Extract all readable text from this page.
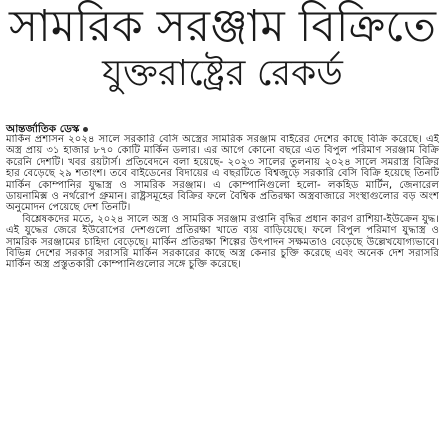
সামরিক সরঞ্জাম বিক্রিতে
যুক্তরাষ্ট্রের রেকর্ড
আন্তর্জাতিক ডেস্ক

মার্কিন প্রশাসন ২০২৪ সালে সরকারি বেসি অস্ত্রের সামরিক সরঞ্জাম বাইরের দেশের কাছে বিক্রি করেছে। এই অস্ত্র প্রায় ৩১ হাজার ৮৭০ কোটি মার্কিন ডলার। এর আগে কোনো বছরে এত বিপুল পরিমাণ সরঞ্জাম বিক্রি করেনি দেশটি। খবর রয়টার্স। প্রতিবেদনে বলা হয়েছে- ২০২৩ সালের তুলনায় ২০২৪ সালে সমরাস্ত্র বিক্রির হার বেড়েছে ২৯ শতাংশ। তবে বাইডেনের বিদায়ের এ বছরটিতে বিশ্বজুড়ে সরকারি বেসি বিক্রি হয়েছে তিনটি মার্কিন কোম্পানির যুদ্ধাস্ত্র ও সামরিক সরঞ্জাম। এ কোম্পানিগুলো হলো- লকহিড মার্টিন, জেনারেল ডায়নামিক্স ও নর্থরোপ গ্রুমান। রাষ্ট্রসমূহের বিক্রির ফলে বৈশ্বিক প্রতিরক্ষা অস্ত্রবাজারে সংস্থাগুলোর বড় অংশ অনুমোদন পেয়েছে দেশ তিনটি।

বিশ্লেষকদের মতে, ২০২৪ সালে অস্ত্র ও সামরিক সরঞ্জাম রপ্তানি বৃদ্ধির প্রধান কারণ রাশিয়া-ইউক্রেন যুদ্ধ। এই যুদ্ধের জেরে ইউরোপের দেশগুলো প্রতিরক্ষা খাতে ব্যয় বাড়িয়েছে। ফলে বিপুল পরিমাণ যুদ্ধাস্ত্র ও সামরিক সরঞ্জামের চাহিদা বেড়েছে। মার্কিন প্রতিরক্ষা শিল্পের উৎপাদন সক্ষমতাও বেড়েছে উল্লেখযোগ্যভাবে। বিভিন্ন দেশের সরকার সরাসরি মার্কিন সরকারের কাছে অস্ত্র কেনার চুক্তি করেছে এবং অনেক দেশ সরাসরি মার্কিন অস্ত্র প্রস্তুতকারী কোম্পানিগুলোর সঙ্গে চুক্তি করেছে।
